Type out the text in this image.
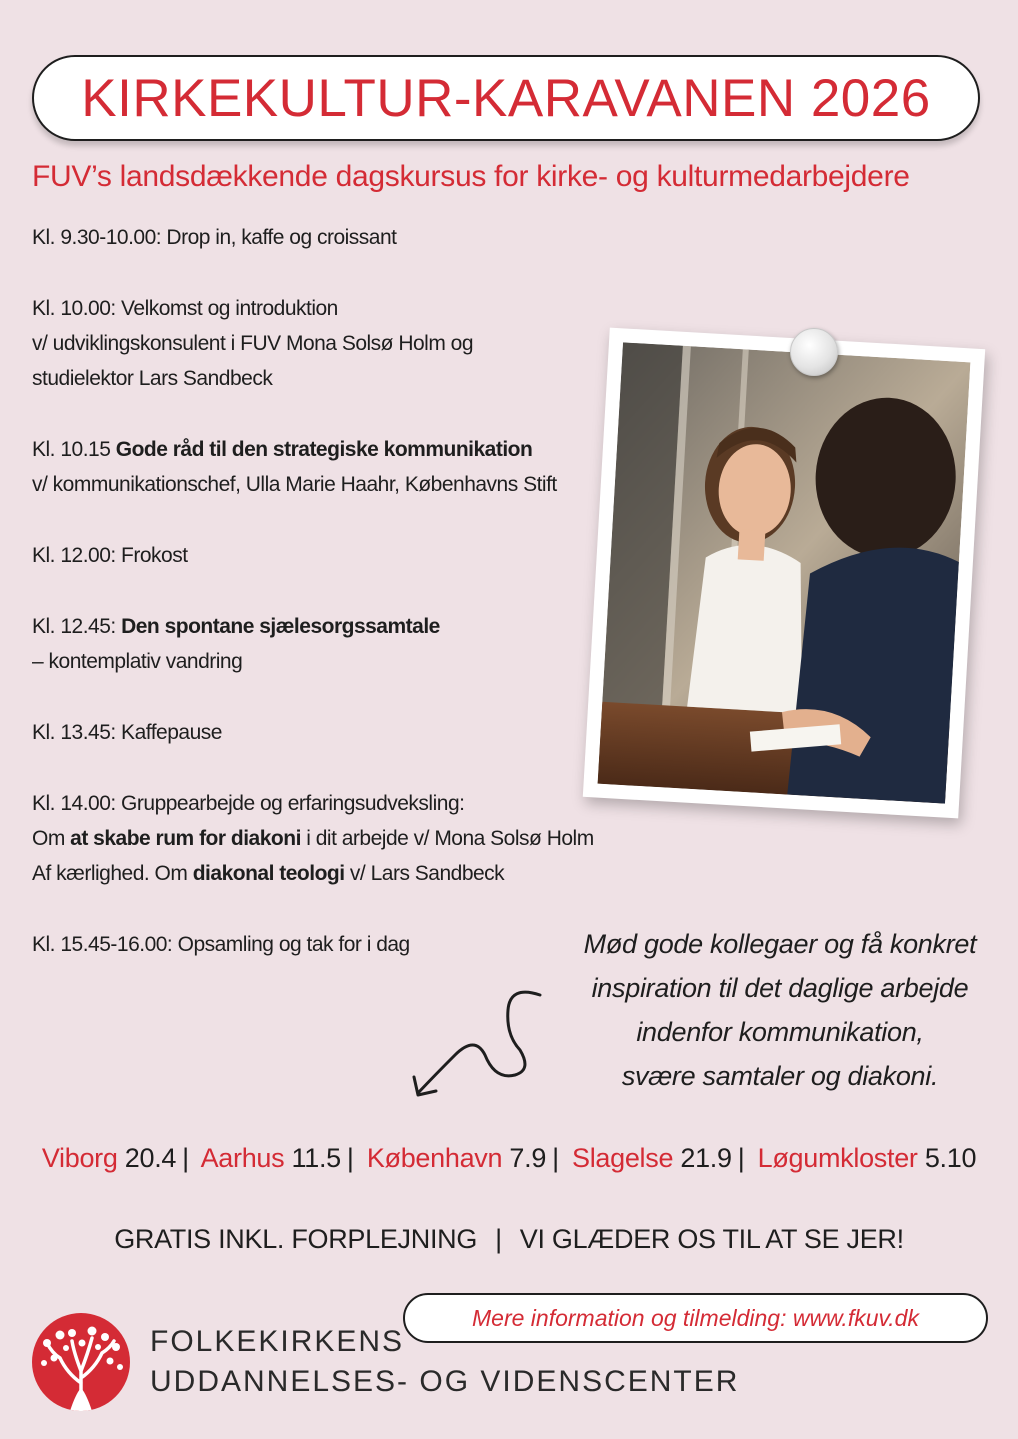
KIRKEKULTUR-KARAVANEN 2026
FUV’s landsdækkende dagskursus for kirke- og kulturmedarbejdere
Kl. 9.30-10.00: Drop in, kaffe og croissant
Kl. 10.00: Velkomst og introduktion
v/ udviklingskonsulent i FUV Mona Solsø Holm og
studielektor Lars Sandbeck
Kl. 10.15 Gode råd til den strategiske kommunikation
v/ kommunikationschef, Ulla Marie Haahr, Københavns Stift
Kl. 12.00: Frokost
Kl. 12.45: Den spontane sjælesorgssamtale
– kontemplativ vandring
Kl. 13.45: Kaffepause
Kl. 14.00: Gruppearbejde og erfaringsudveksling:
Om at skabe rum for diakoni i dit arbejde v/ Mona Solsø Holm
Af kærlighed. Om diakonal teologi v/ Lars Sandbeck
Kl. 15.45-16.00: Opsamling og tak for i dag	Mød gode kollegaer og få konkret
inspiration til det daglige arbejde
indenfor kommunikation,
svære samtaler og diakoni.
Viborg 20.4 | Aarhus 11.5 | København 7.9 | Slagelse 21.9 | Løgumkloster 5.10
GRATIS INKL. FORPLEJNING | VI GLÆDER OS TIL AT SE JER!
Mere information og tilmelding: www.fkuv.dk
FOLKEKIRKENS
UDDANNELSES- OG VIDENSCENTER
